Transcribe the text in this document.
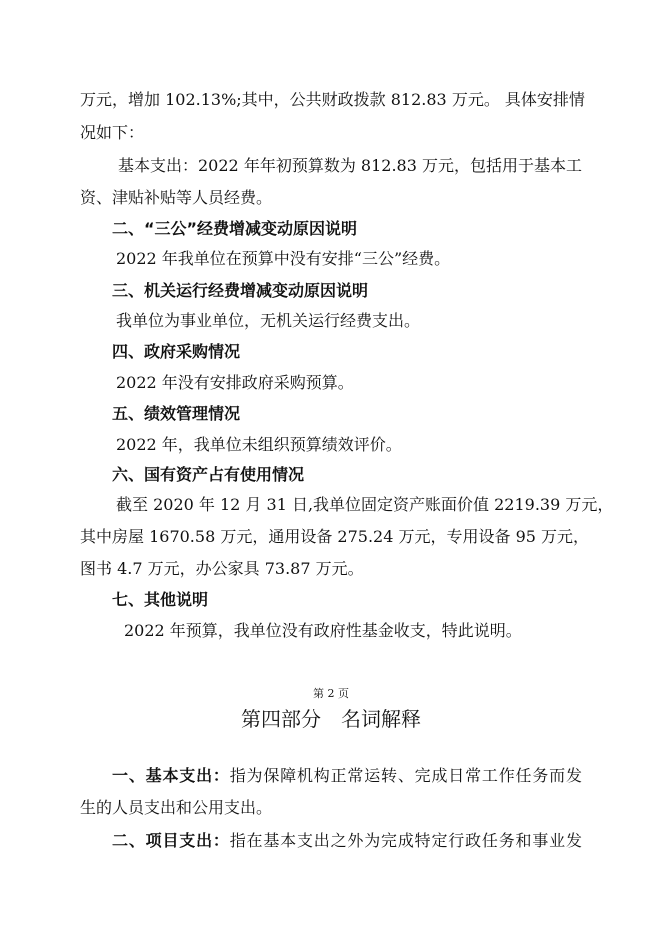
万元，增加 102.13%;其中，公共财政拨款 812.83 万元。 具体安排情
况如下：
基本支出：2022 年年初预算数为 812.83 万元，包括用于基本工
资、津贴补贴等人员经费。
二、“三公”经费增减变动原因说明
2022 年我单位在预算中没有安排“三公”经费。
三、机关运行经费增减变动原因说明
我单位为事业单位，无机关运行经费支出。
四、政府采购情况
2022 年没有安排政府采购预算。
五、绩效管理情况
2022 年，我单位未组织预算绩效评价。
六、国有资产占有使用情况
截至 2020 年 12 月 31 日,我单位固定资产账面价值 2219.39 万元，
其中房屋 1670.58 万元，通用设备 275.24 万元，专用设备 95 万元，
图书 4.7 万元，办公家具 73.87 万元。
七、其他说明
2022 年预算，我单位没有政府性基金收支，特此说明。
第 2 页
第四部分　名词解释
一、基本支出：指为保障机构正常运转、完成日常工作任务而发
生的人员支出和公用支出。
二、项目支出：指在基本支出之外为完成特定行政任务和事业发
